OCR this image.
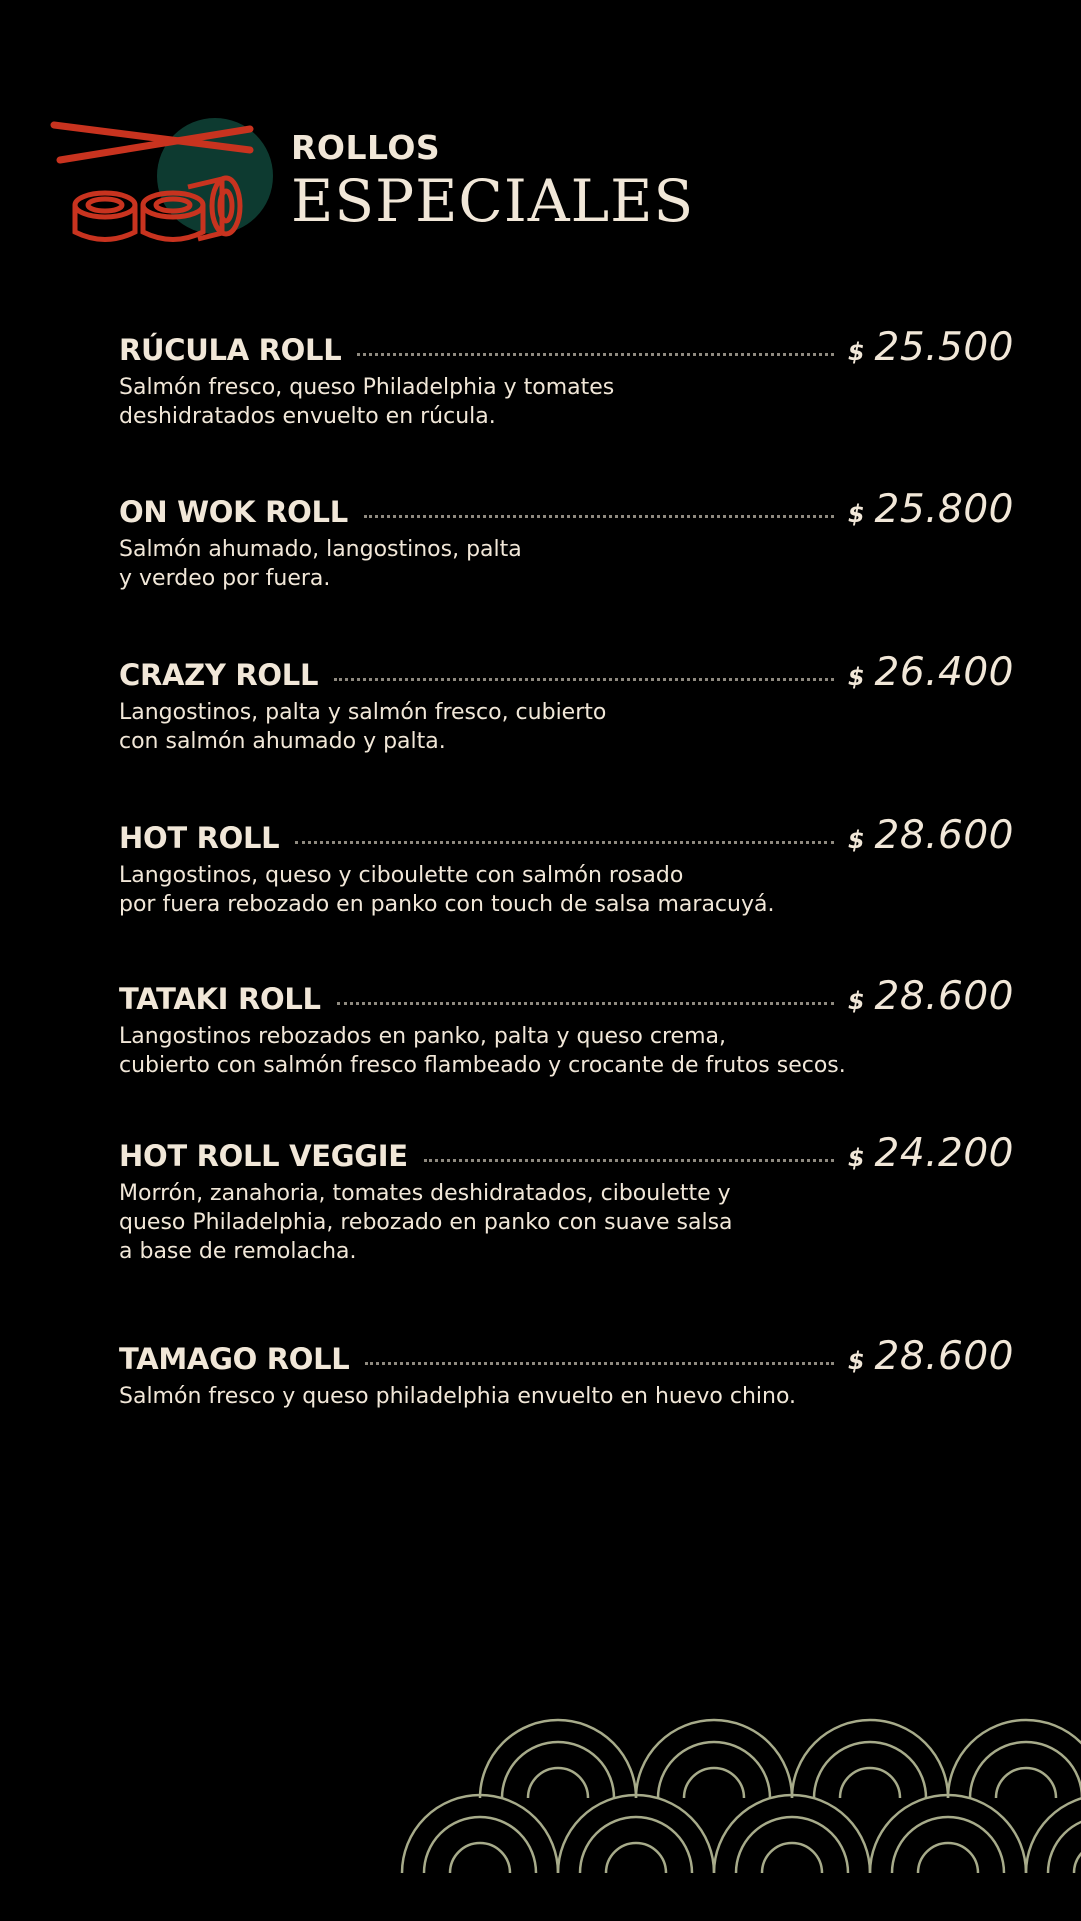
ROLLOS
ESPECIALES
RÚCULA ROLL	$ 25.500
Salmón fresco, queso Philadelphia y tomates
deshidratados envuelto en rúcula.
ON WOK ROLL	$ 25.800
Salmón ahumado, langostinos, palta
y verdeo por fuera.
CRAZY ROLL	$ 26.400
Langostinos, palta y salmón fresco, cubierto
con salmón ahumado y palta.
HOT ROLL	$ 28.600
Langostinos, queso y ciboulette con salmón rosado
por fuera rebozado en panko con touch de salsa maracuyá.
TATAKI ROLL	$ 28.600
Langostinos rebozados en panko, palta y queso crema,
cubierto con salmón fresco flambeado y crocante de frutos secos.
HOT ROLL VEGGIE	$ 24.200
Morrón, zanahoria, tomates deshidratados, ciboulette y
queso Philadelphia, rebozado en panko con suave salsa
a base de remolacha.
TAMAGO ROLL	$ 28.600
Salmón fresco y queso philadelphia envuelto en huevo chino.
